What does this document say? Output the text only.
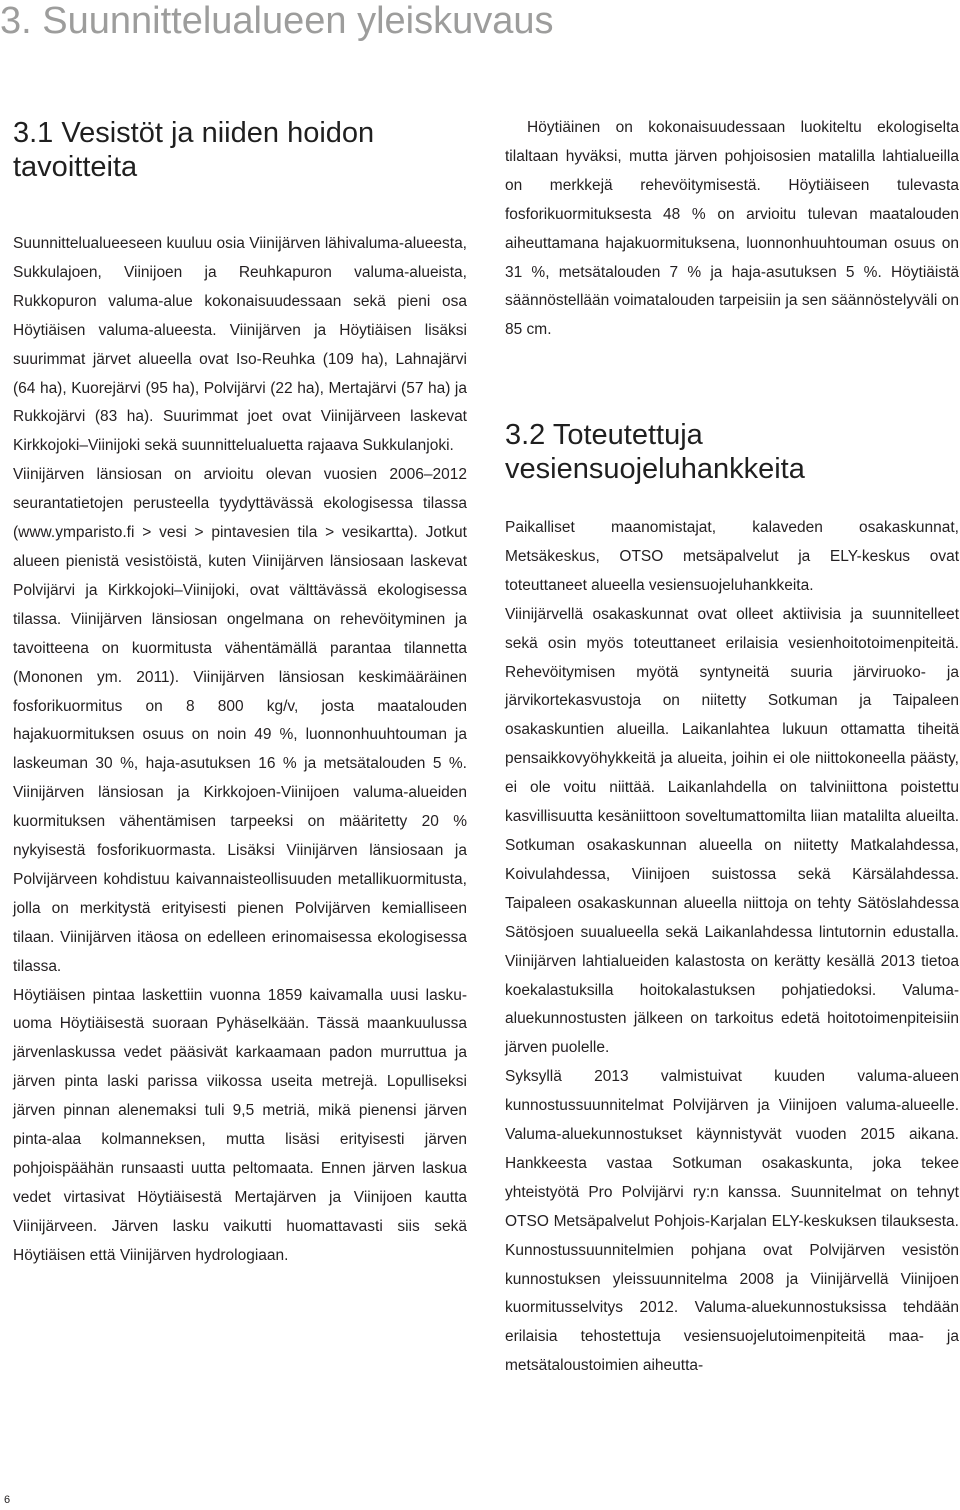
3. Suunnittelualueen yleiskuvaus
3.1 Vesistöt ja niiden hoidon tavoitteita

Suunnittelualueeseen kuuluu osia Viinijärven lähivaluma-alueesta, Sukkulajoen, Viinijoen ja Reuhkapuron valuma-alueista, Rukkopuron valuma-alue kokonaisuudessaan sekä pieni osa Höytiäisen valuma-alueesta. Viinijärven ja Höytiäisen lisäksi suurimmat järvet alueella ovat Iso-Reuhka (109 ha), Lahnajärvi (64 ha), Kuorejärvi (95 ha), Polvijärvi (22 ha), Mertajärvi (57 ha) ja Rukkojärvi (83 ha). Suurimmat joet ovat Viinijärveen laskevat Kirkkojoki–Viinijoki sekä suunnittelualuetta rajaava Sukkulanjoki.

Viinijärven länsiosan on arvioitu olevan vuosien 2006–2012 seurantatietojen perusteella tyydyttävässä ekologisessa tilassa (www.ymparisto.fi > vesi > pintavesien tila > vesikartta). Jotkut alueen pienistä vesistöistä, kuten Viinijärven länsiosaan laskevat Polvijärvi ja Kirkkojoki–Viinijoki, ovat välttävässä ekologisessa tilassa. Viinijärven länsiosan ongelmana on rehevöityminen ja tavoitteena on kuormitusta vähentämällä parantaa tilannetta (Mononen ym. 2011). Viinijärven länsiosan keskimääräinen fosforikuormitus on 8 800 kg/v, josta maatalouden hajakuormituksen osuus on noin 49 %, luonnonhuuhtouman ja laskeuman 30 %, haja-asutuksen 16 % ja metsätalouden 5 %. Viinijärven länsiosan ja Kirkkojoen-Viinijoen valuma-alueiden kuormituksen vähentämisen tarpeeksi on määritetty 20 % nykyisestä fosforikuormasta. Lisäksi Viinijärven länsiosaan ja Polvijärveen kohdistuu kaivannaisteollisuuden metallikuormitusta, jolla on merkitystä erityisesti pienen Polvijärven kemialliseen tilaan. Viinijärven itäosa on edelleen erinomaisessa ekologisessa tilassa.

Höytiäisen pintaa laskettiin vuonna 1859 kaivamalla uusi lasku-uoma Höytiäisestä suoraan Pyhäselkään. Tässä maankuulussa järvenlaskussa vedet pääsivät karkaamaan padon murruttua ja järven pinta laski parissa viikossa useita metrejä. Lopulliseksi järven pinnan alenemaksi tuli 9,5 metriä, mikä pienensi järven pinta-alaa kolmanneksen, mutta lisäsi erityisesti järven pohjoispäähän runsaasti uutta peltomaata. Ennen järven laskua vedet virtasivat Höytiäisestä Mertajärven ja Viinijoen kautta Viinijärveen. Järven lasku vaikutti huomattavasti siis sekä Höytiäisen että Viinijärven hydrologiaan.

Höytiäinen on kokonaisuudessaan luokiteltu ekologiselta tilaltaan hyväksi, mutta järven pohjoisosien matalilla lahtialueilla on merkkejä rehevöitymisestä. Höytiäiseen tulevasta fosforikuormituksesta 48 % on arvioitu tulevan maatalouden aiheuttamana hajakuormituksena, luonnonhuuhtouman osuus on 31 %, metsätalouden 7 % ja haja-asutuksen 5 %. Höytiäistä säännöstellään voimatalouden tarpeisiin ja sen säännöstelyväli on 85 cm.

3.2 Toteutettuja vesiensuojeluhankkeita

Paikalliset maanomistajat, kalaveden osakaskunnat, Metsäkeskus, OTSO metsäpalvelut ja ELY-keskus ovat toteuttaneet alueella vesiensuojeluhankkeita.

Viinijärvellä osakaskunnat ovat olleet aktiivisia ja suunnitelleet sekä osin myös toteuttaneet erilaisia vesienhoitotoimenpiteitä. Rehevöitymisen myötä syntyneitä suuria järviruoko- ja järvikortekasvustoja on niitetty Sotkuman ja Taipaleen osakaskuntien alueilla. Laikanlahtea lukuun ottamatta tiheitä pensaikkovyöhykkeitä ja alueita, joihin ei ole niittokoneella päästy, ei ole voitu niittää. Laikanlahdella on talviniittona poistettu kasvillisuutta kesäniittoon soveltumattomilta liian matalilta alueilta. Sotkuman osakaskunnan alueella on niitetty Matkalahdessa, Koivulahdessa, Viinijoen suistossa sekä Kärsälahdessa. Taipaleen osakaskunnan alueella niittoja on tehty Sätöslahdessa Sätösjoen suualueella sekä Laikanlahdessa lintutornin edustalla. Viinijärven lahtialueiden kalastosta on kerätty kesällä 2013 tietoa koekalastuksilla hoitokalastuksen pohjatiedoksi. Valuma-aluekunnostusten jälkeen on tarkoitus edetä hoitotoimenpiteisiin järven puolelle.

Syksyllä 2013 valmistuivat kuuden valuma-alueen kunnostussuunnitelmat Polvijärven ja Viinijoen valuma-alueelle. Valuma-aluekunnostukset käynnistyvät vuoden 2015 aikana. Hankkeesta vastaa Sotkuman osakaskunta, joka tekee yhteistyötä Pro Polvijärvi ry:n kanssa. Suunnitelmat on tehnyt OTSO Metsäpalvelut Pohjois-Karjalan ELY-keskuksen tilauksesta. Kunnostussuunnitelmien pohjana ovat Polvijärven vesistön kunnostuksen yleissuunnitelma 2008 ja Viinijärvellä Viinijoen kuormitusselvitys 2012. Valuma-aluekunnostuksissa tehdään erilaisia tehostettuja vesiensuojelutoimenpiteitä maa- ja metsätaloustoimien aiheutta-

6
